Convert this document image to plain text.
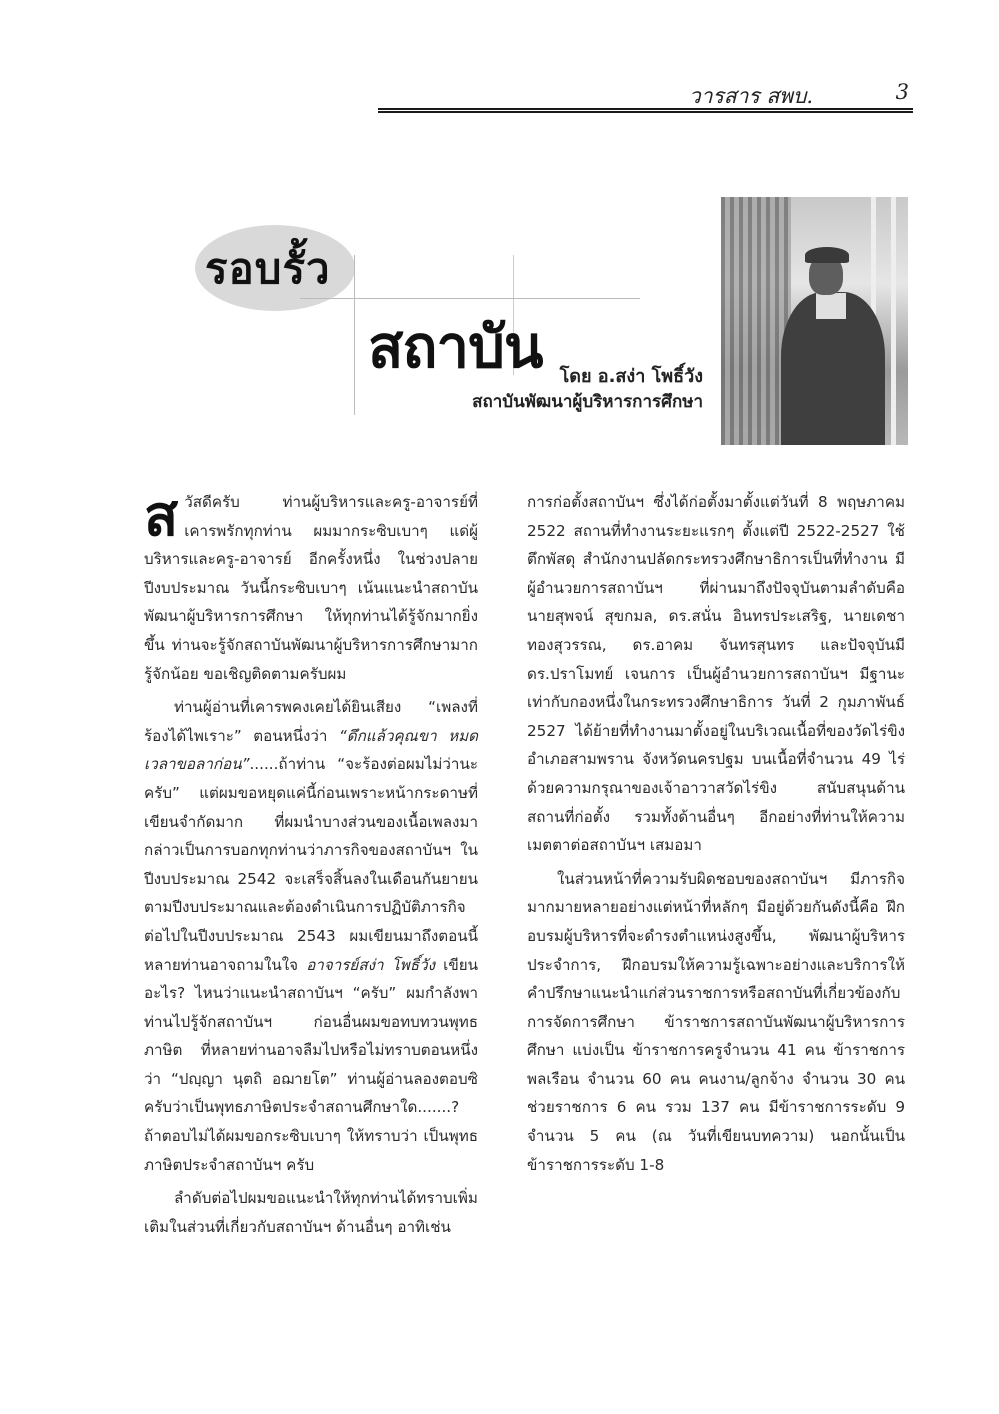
วารสาร สพบ.	3
รอบรั้ว
สถาบัน โดย อ.สง่า โพธิ์วัง
สถาบันพัฒนาผู้บริหารการศึกษา

สวัสดีครับ ท่านผู้บริหารและครู-อาจารย์ที่เคารพรักทุกท่าน ผมมากระซิบเบาๆ แด่ผู้บริหารและครู-อาจารย์ อีกครั้งหนึ่ง ในช่วงปลายปีงบประมาณ วันนี้กระซิบเบาๆ เน้นแนะนำสถาบันพัฒนาผู้บริหารการศึกษา ให้ทุกท่านได้รู้จักมากยิ่งขึ้น ท่านจะรู้จักสถาบันพัฒนาผู้บริหารการศึกษามาก รู้จักน้อย ขอเชิญติดตามครับผม

ท่านผู้อ่านที่เคารพคงเคยได้ยินเสียง “เพลงที่ร้องได้ไพเราะ” ตอนหนึ่งว่า “ดึกแล้วคุณขา หมดเวลาขอลาก่อน”......ถ้าท่าน “จะร้องต่อผมไม่ว่านะครับ” แต่ผมขอหยุดแค่นี้ก่อนเพราะหน้ากระดาษที่เขียนจำกัดมาก ที่ผมนำบางส่วนของเนื้อเพลงมากล่าวเป็นการบอกทุกท่านว่าภารกิจของสถาบันฯ ในปีงบประมาณ 2542 จะเสร็จสิ้นลงในเดือนกันยายน ตามปีงบประมาณและต้องดำเนินการปฏิบัติภารกิจต่อไปในปีงบประมาณ 2543 ผมเขียนมาถึงตอนนี้หลายท่านอาจถามในใจ อาจารย์สง่า โพธิ์วัง เขียนอะไร? ไหนว่าแนะนำสถาบันฯ “ครับ” ผมกำลังพาท่านไปรู้จักสถาบันฯ ก่อนอื่นผมขอทบทวนพุทธภาษิต ที่หลายท่านอาจลืมไปหรือไม่ทราบตอนหนึ่งว่า “ปญฺญา นุตถิ อฌายโต” ท่านผู้อ่านลองตอบซิครับว่าเป็นพุทธภาษิตประจำสถานศึกษาใด.......? ถ้าตอบไม่ได้ผมขอกระซิบเบาๆ ให้ทราบว่า เป็นพุทธภาษิตประจำสถาบันฯ ครับ

ลำดับต่อไปผมขอแนะนำให้ทุกท่านได้ทราบเพิ่มเติมในส่วนที่เกี่ยวกับสถาบันฯ ด้านอื่นๆ อาทิเช่น

การก่อตั้งสถาบันฯ ซึ่งได้ก่อตั้งมาตั้งแต่วันที่ 8 พฤษภาคม 2522 สถานที่ทำงานระยะแรกๆ ตั้งแต่ปี 2522-2527 ใช้ตึกพัสดุ สำนักงานปลัดกระทรวงศึกษาธิการเป็นที่ทำงาน มีผู้อำนวยการสถาบันฯ ที่ผ่านมาถึงปัจจุบันตามลำดับคือ นายสุพจน์ สุขกมล, ดร.สนั่น อินทรประเสริฐ, นายเดชา ทองสุวรรณ, ดร.อาคม จันทรสุนทร และปัจจุบันมี ดร.ปราโมทย์ เจนการ เป็นผู้อำนวยการสถาบันฯ มีฐานะเท่ากับกองหนึ่งในกระทรวงศึกษาธิการ วันที่ 2 กุมภาพันธ์ 2527 ได้ย้ายที่ทำงานมาตั้งอยู่ในบริเวณเนื้อที่ของวัดไร่ขิง อำเภอสามพราน จังหวัดนครปฐม บนเนื้อที่จำนวน 49 ไร่ ด้วยความกรุณาของเจ้าอาวาสวัดไร่ขิง สนับสนุนด้านสถานที่ก่อตั้ง รวมทั้งด้านอื่นๆ อีกอย่างที่ท่านให้ความเมตตาต่อสถาบันฯ เสมอมา

ในส่วนหน้าที่ความรับผิดชอบของสถาบันฯ มีภารกิจมากมายหลายอย่างแต่หน้าที่หลักๆ มีอยู่ด้วยกันดังนี้คือ ฝึกอบรมผู้บริหารที่จะดำรงตำแหน่งสูงขึ้น, พัฒนาผู้บริหารประจำการ, ฝึกอบรมให้ความรู้เฉพาะอย่างและบริการให้คำปรึกษาแนะนำแก่ส่วนราชการหรือสถาบันที่เกี่ยวข้องกับการจัดการศึกษา ข้าราชการสถาบันพัฒนาผู้บริหารการศึกษา แบ่งเป็น ข้าราชการครูจำนวน 41 คน ข้าราชการพลเรือน จำนวน 60 คน คนงาน/ลูกจ้าง จำนวน 30 คน ช่วยราชการ 6 คน รวม 137 คน มีข้าราชการระดับ 9 จำนวน 5 คน (ณ วันที่เขียนบทความ) นอกนั้นเป็นข้าราชการระดับ 1-8
